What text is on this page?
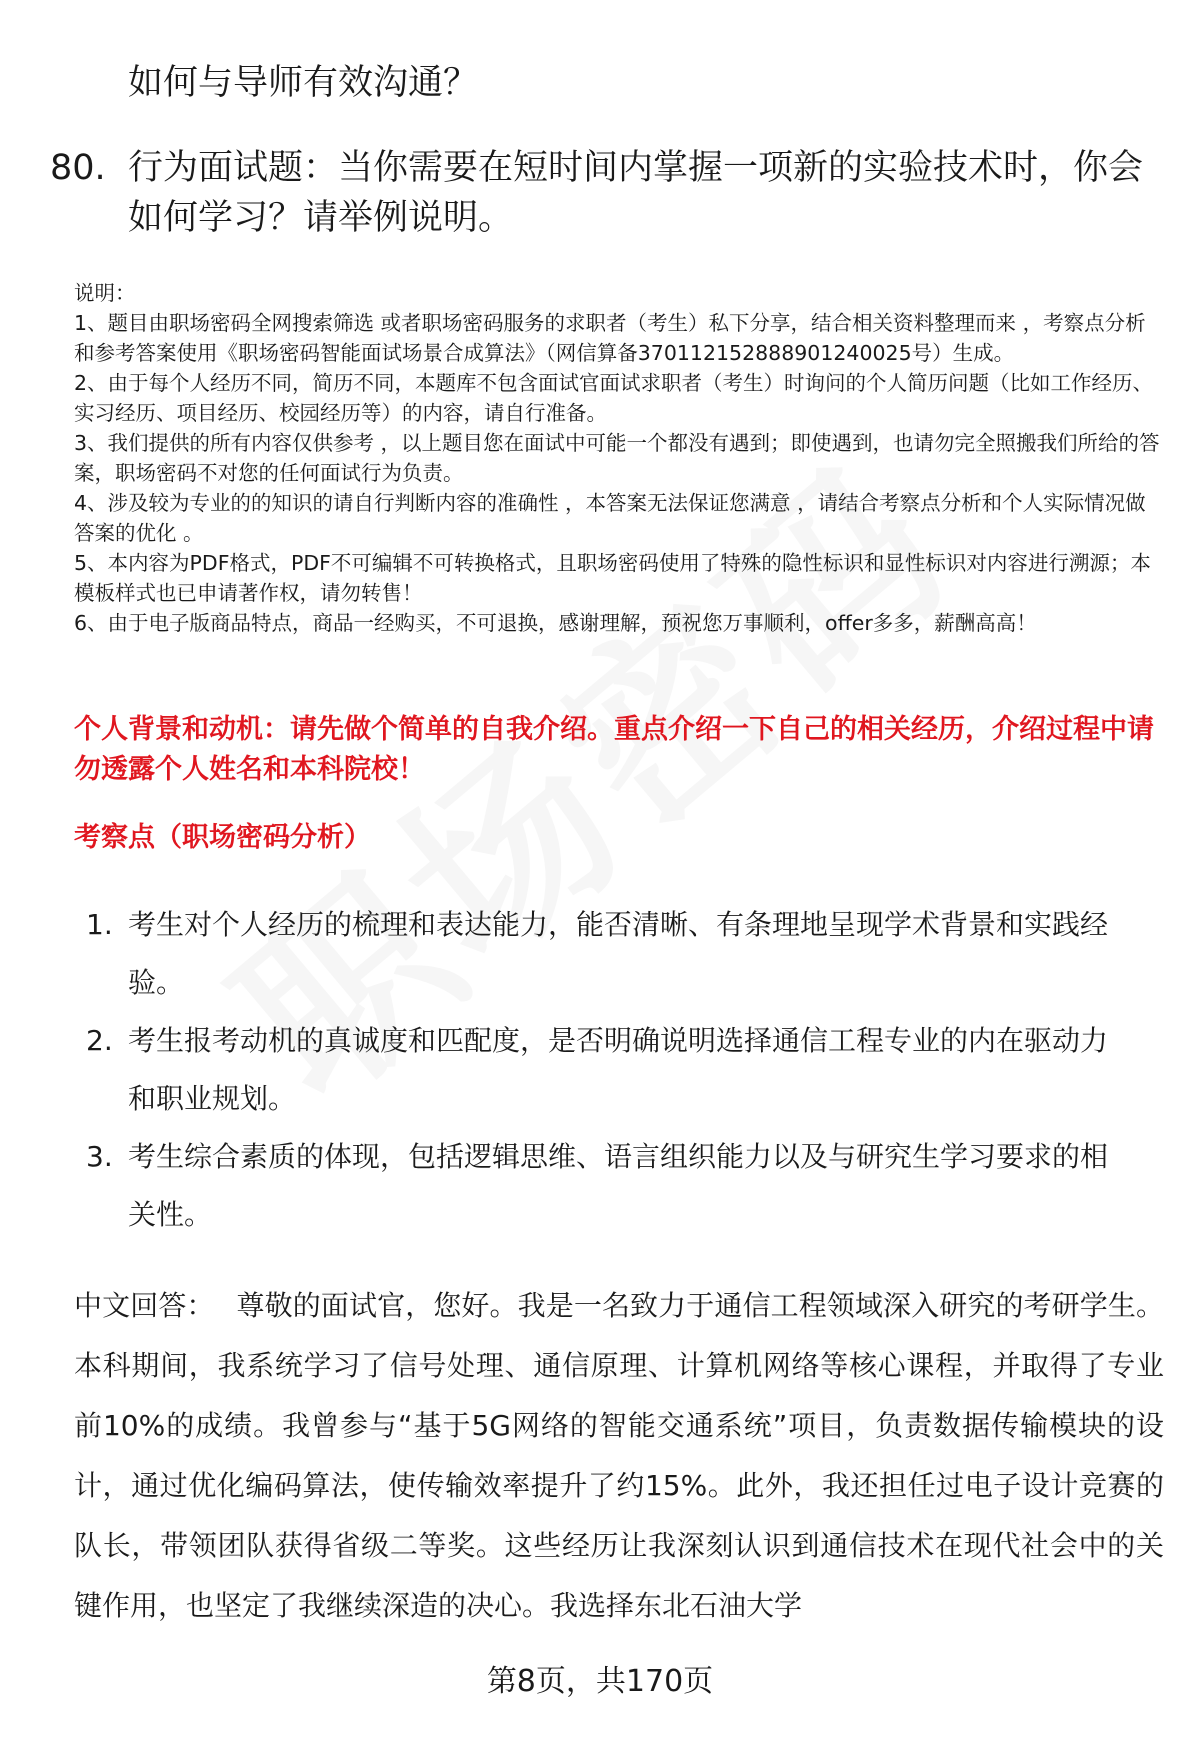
如何与导师有效沟通？
80. 行为面试题：当你需要在短时间内掌握一项新的实验技术时，你会如何学习？请举例说明。
说明：
1、题目由职场密码全网搜索筛选 或者职场密码服务的求职者（考生）私下分享，结合相关资料整理而来 ，考察点分析和参考答案使用《职场密码智能面试场景合成算法》（网信算备370112152888901240025号）生成。
2、由于每个人经历不同，简历不同，本题库不包含面试官面试求职者（考生）时询问的个人简历问题（比如工作经历、实习经历、项目经历、校园经历等）的内容，请自行准备。
3、我们提供的所有内容仅供参考 ，以上题目您在面试中可能一个都没有遇到；即使遇到，也请勿完全照搬我们所给的答案，职场密码不对您的任何面试行为负责。
4、涉及较为专业的的知识的请自行判断内容的准确性 ，本答案无法保证您满意 ，请结合考察点分析和个人实际情况做答案的优化 。
5、本内容为PDF格式，PDF不可编辑不可转换格式，且职场密码使用了特殊的隐性标识和显性标识对内容进行溯源；本模板样式也已申请著作权，请勿转售！
6、由于电子版商品特点，商品一经购买，不可退换，感谢理解，预祝您万事顺利，offer多多，薪酬高高！
个人背景和动机：请先做个简单的自我介绍。重点介绍一下自己的相关经历，介绍过程中请勿透露个人姓名和本科院校！
考察点（职场密码分析）
1. 考生对个人经历的梳理和表达能力，能否清晰、有条理地呈现学术背景和实践经验。
2. 考生报考动机的真诚度和匹配度，是否明确说明选择通信工程专业的内在驱动力和职业规划。
3. 考生综合素质的体现，包括逻辑思维、语言组织能力以及与研究生学习要求的相关性。
中文回答： 尊敬的面试官，您好。我是一名致力于通信工程领域深入研究的考研学生。本科期间，我系统学习了信号处理、通信原理、计算机网络等核心课程，并取得了专业前10%的成绩。我曾参与“基于5G网络的智能交通系统”项目，负责数据传输模块的设计，通过优化编码算法，使传输效率提升了约15%。此外，我还担任过电子设计竞赛的队长，带领团队获得省级二等奖。这些经历让我深刻认识到通信技术在现代社会中的关键作用，也坚定了我继续深造的决心。我选择东北石油大学
第8页，共170页
